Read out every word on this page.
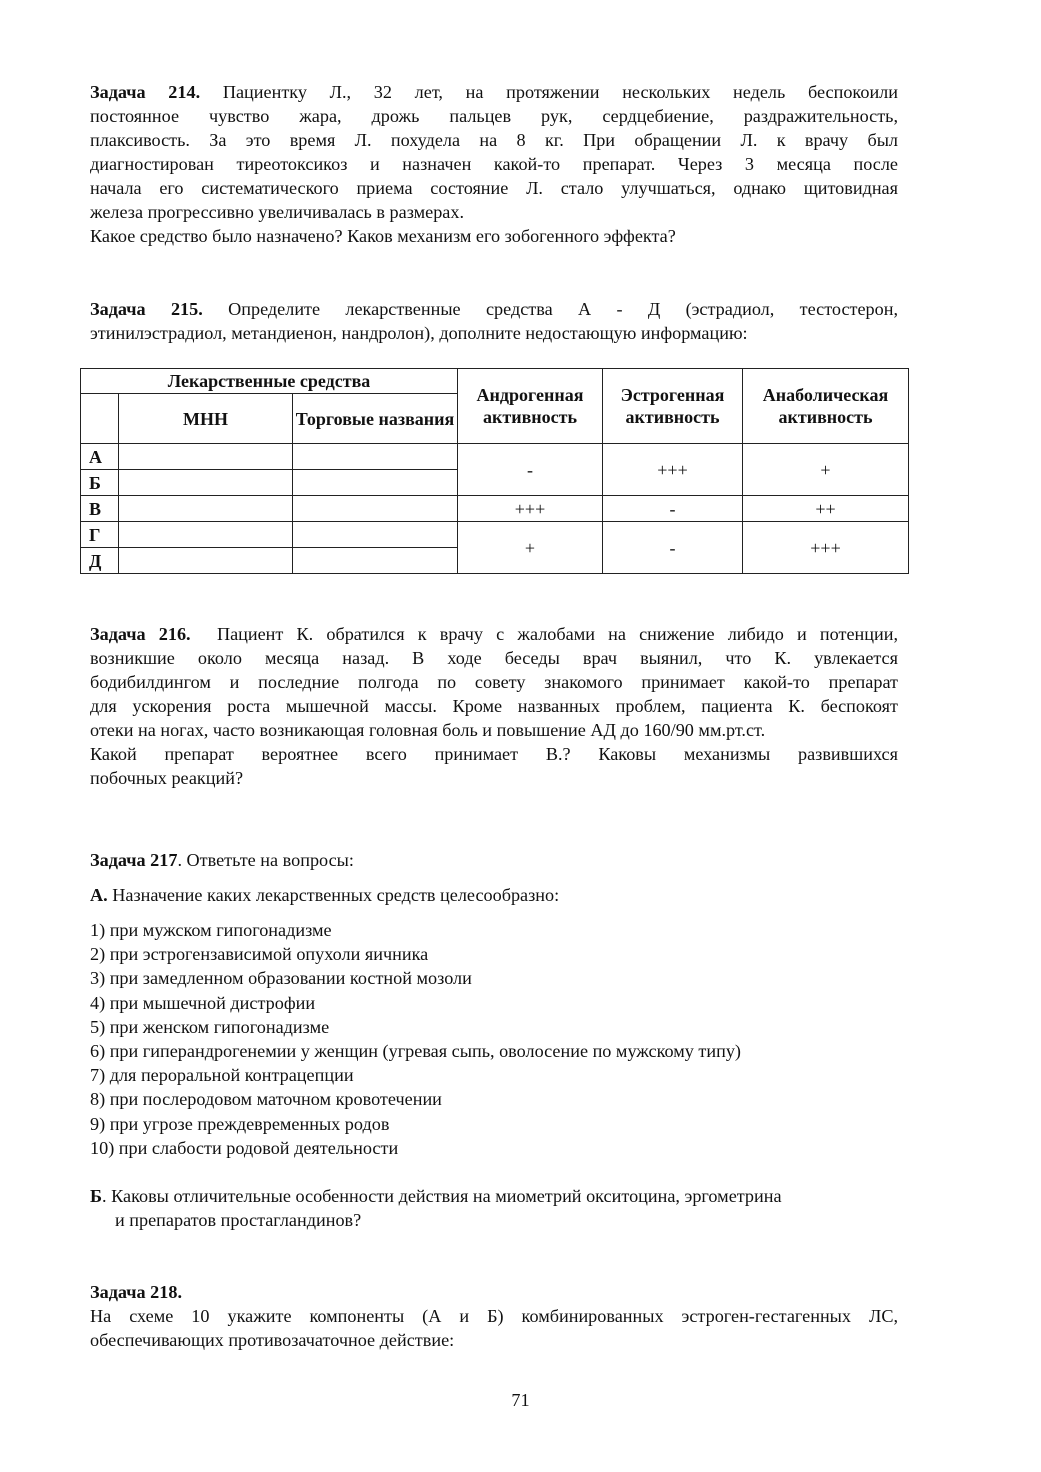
Задача 214. Пациентку Л., 32 лет, на протяжении нескольких недель беспокоили
постоянное чувство жара, дрожь пальцев рук, сердцебиение, раздражительность,
плаксивость. За это время Л. похудела на 8 кг. При обращении Л. к врачу был
диагностирован тиреотоксикоз и назначен какой-то препарат. Через 3 месяца после
начала его систематического приема состояние Л. стало улучшаться, однако щитовидная
железа прогрессивно увеличивалась в размерах.
Какое средство было назначено? Каков механизм его зобогенного эффекта?
Задача 215. Определите лекарственные средства А - Д (эстрадиол, тестостерон,
этинилэстрадиол, метандиенон, нандролон), дополните недостающую информацию:
Лекарственные средства			Андрогенная активность	Эстрогенная активность	Анаболическая активность
	МНН	Торговые названия			
А			-	+++	+
Б					
В			+++	-	++
Г			+	-	+++
Д					
Задача 216. Пациент К. обратился к врачу с жалобами на снижение либидо и потенции,
возникшие около месяца назад. В ходе беседы врач выянил, что К. увлекается
бодибилдингом и последние полгода по совету знакомого принимает какой-то препарат
для ускорения роста мышечной массы. Кроме названных проблем, пациента К. беспокоят
отеки на ногах, часто возникающая головная боль и повышение АД до 160/90 мм.рт.ст.
Какой препарат вероятнее всего принимает В.? Каковы механизмы развившихся
побочных реакций?

Задача 217. Ответьте на вопросы:

А. Назначение каких лекарственных средств целесообразно:

1) при мужском гипогонадизме
2) при эстрогензависимой опухоли яичника
3) при замедленном образовании костной мозоли
4) при мышечной дистрофии
5) при женском гипогонадизме
6) при гиперандрогенемии у женщин (угревая сыпь, оволосение по мужскому типу)
7) для пероральной контрацепции
8) при послеродовом маточном кровотечении
9) при угрозе преждевременных родов
10) при слабости родовой деятельности

Б. Каковы отличительные особенности действия на миометрий окситоцина, эргометрина

и препаратов простагландинов?

Задача 218.

На схеме 10 укажите компоненты (А и Б) комбинированных эстроген-гестагенных ЛС,
обеспечивающих противозачаточное действие:
71
